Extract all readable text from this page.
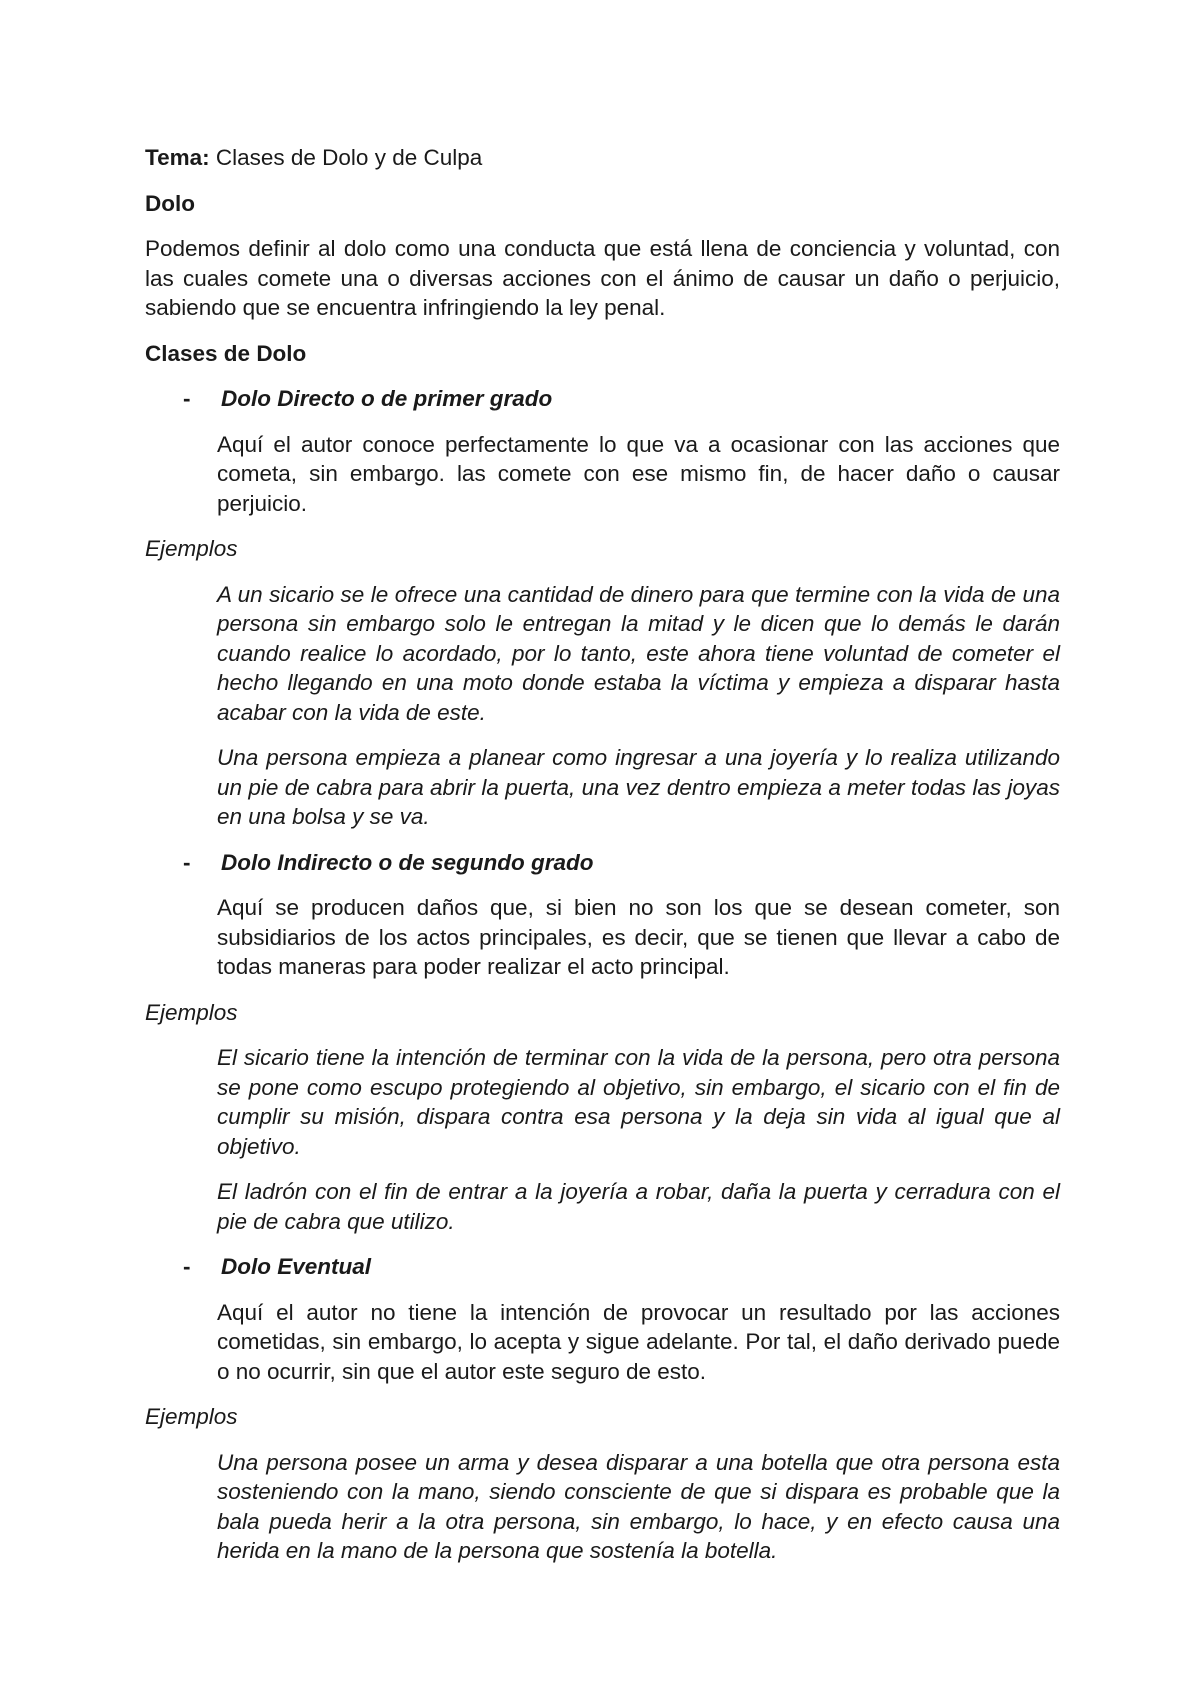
Tema: Clases de Dolo y de Culpa

Dolo

Podemos definir al dolo como una conducta que está llena de conciencia y voluntad, con las cuales comete una o diversas acciones con el ánimo de causar un daño o perjuicio, sabiendo que se encuentra infringiendo la ley penal.

Clases de Dolo

-	Dolo Directo o de primer grado

Aquí el autor conoce perfectamente lo que va a ocasionar con las acciones que cometa, sin embargo. las comete con ese mismo fin, de hacer daño o causar perjuicio.

Ejemplos

A un sicario se le ofrece una cantidad de dinero para que termine con la vida de una persona sin embargo solo le entregan la mitad y le dicen que lo demás le darán cuando realice lo acordado, por lo tanto, este ahora tiene voluntad de cometer el hecho llegando en una moto donde estaba la víctima y empieza a disparar hasta acabar con la vida de este.

Una persona empieza a planear como ingresar a una joyería y lo realiza utilizando un pie de cabra para abrir la puerta, una vez dentro empieza a meter todas las joyas en una bolsa y se va.

-	Dolo Indirecto o de segundo grado

Aquí se producen daños que, si bien no son los que se desean cometer, son subsidiarios de los actos principales, es decir, que se tienen que llevar a cabo de todas maneras para poder realizar el acto principal.

Ejemplos

El sicario tiene la intención de terminar con la vida de la persona, pero otra persona se pone como escupo protegiendo al objetivo, sin embargo, el sicario con el fin de cumplir su misión, dispara contra esa persona y la deja sin vida al igual que al objetivo.

El ladrón con el fin de entrar a la joyería a robar, daña la puerta y cerradura con el pie de cabra que utilizo.

-	Dolo Eventual

Aquí el autor no tiene la intención de provocar un resultado por las acciones cometidas, sin embargo, lo acepta y sigue adelante. Por tal, el daño derivado puede o no ocurrir, sin que el autor este seguro de esto.

Ejemplos

Una persona posee un arma y desea disparar a una botella que otra persona esta sosteniendo con la mano, siendo consciente de que si dispara es probable que la bala pueda herir a la otra persona, sin embargo, lo hace, y en efecto causa una herida en la mano de la persona que sostenía la botella.
